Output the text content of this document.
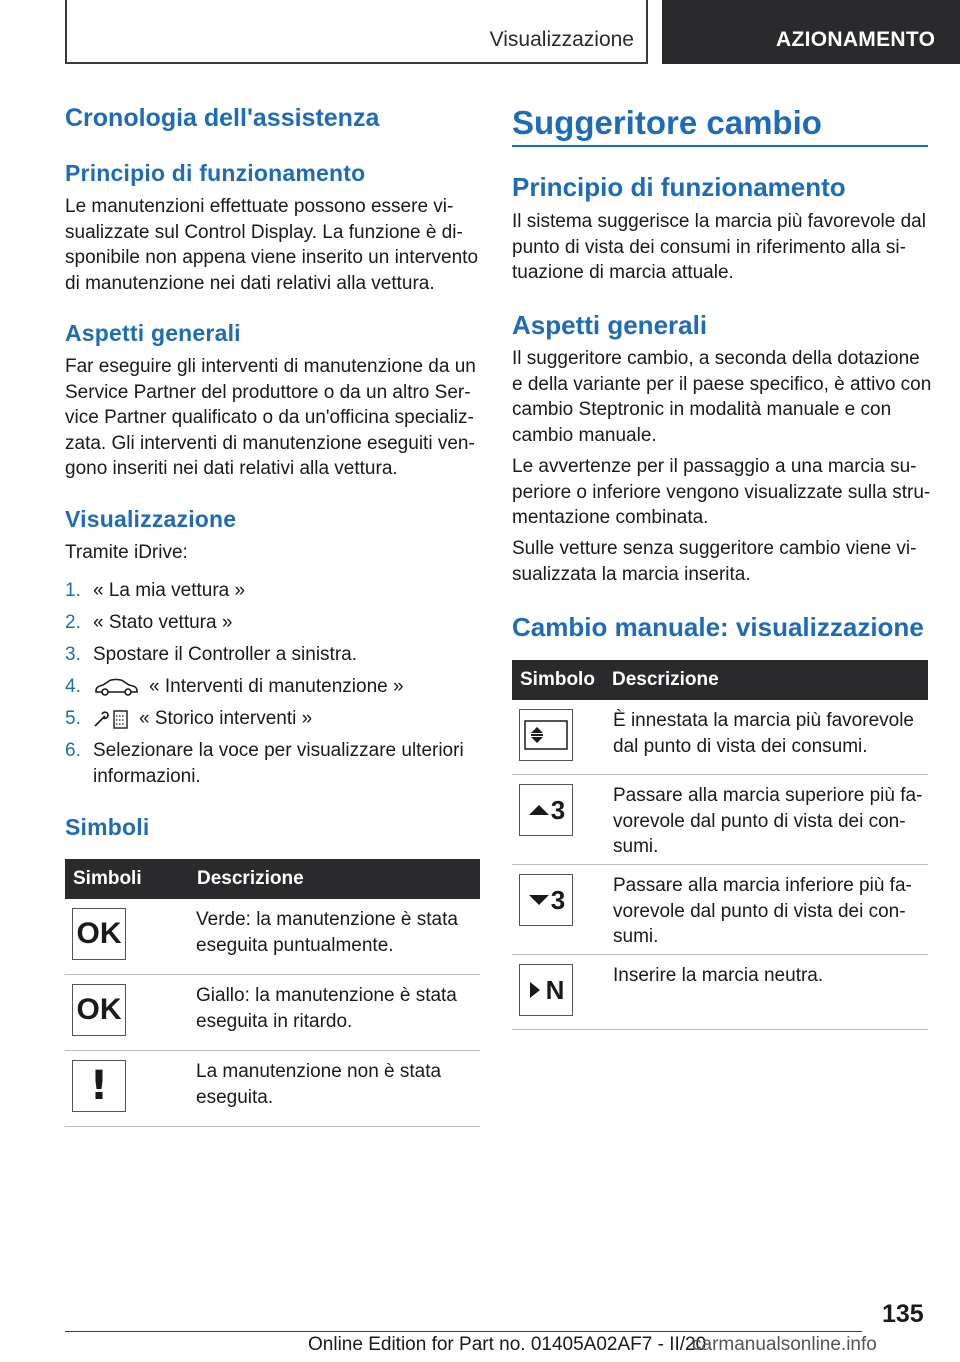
Visualizzazione	AZIONAMENTO
Cronologia dell'assistenza
Principio di funzionamento

Le manutenzioni effettuate possono essere vi-
sualizzate sul Control Display. La funzione è di-
sponibile non appena viene inserito un intervento
di manutenzione nei dati relativi alla vettura.

Aspetti generali

Far eseguire gli interventi di manutenzione da un
Service Partner del produttore o da un altro Ser-
vice Partner qualificato o da un'officina specializ-
zata. Gli interventi di manutenzione eseguiti ven-
gono inseriti nei dati relativi alla vettura.

Visualizzazione

Tramite iDrive:

1. « La mia vettura »
2. « Stato vettura »
3. Spostare il Controller a sinistra.
4.	« Interventi di manutenzione »
5.	« Storico interventi »
6. Selezionare la voce per visualizzare ulteriori
informazioni.
Simboli
Simboli	Descrizione
OK	Verde: la manutenzione è stata
eseguita puntualmente.
OK	Giallo: la manutenzione è stata
eseguita in ritardo.
!	La manutenzione non è stata
eseguita.
Suggeritore cambio
Principio di funzionamento

Il sistema suggerisce la marcia più favorevole dal
punto di vista dei consumi in riferimento alla si-
tuazione di marcia attuale.

Aspetti generali

Il suggeritore cambio, a seconda della dotazione
e della variante per il paese specifico, è attivo con
cambio Steptronic in modalità manuale e con
cambio manuale.

Le avvertenze per il passaggio a una marcia su-
periore o inferiore vengono visualizzate sulla stru-
mentazione combinata.

Sulle vetture senza suggeritore cambio viene vi-
sualizzata la marcia inserita.

Cambio manuale: visualizzazione
Simbolo Descrizione
È innestata la marcia più favorevole
dal punto di vista dei consumi.
3	Passare alla marcia superiore più fa-
vorevole dal punto di vista dei con-
sumi.
3	Passare alla marcia inferiore più fa-
vorevole dal punto di vista dei con-
sumi.
N	Inserire la marcia neutra.
135
Online Edition for Part no. 01405A02AF7 - II/20
carmanualsonline.info
